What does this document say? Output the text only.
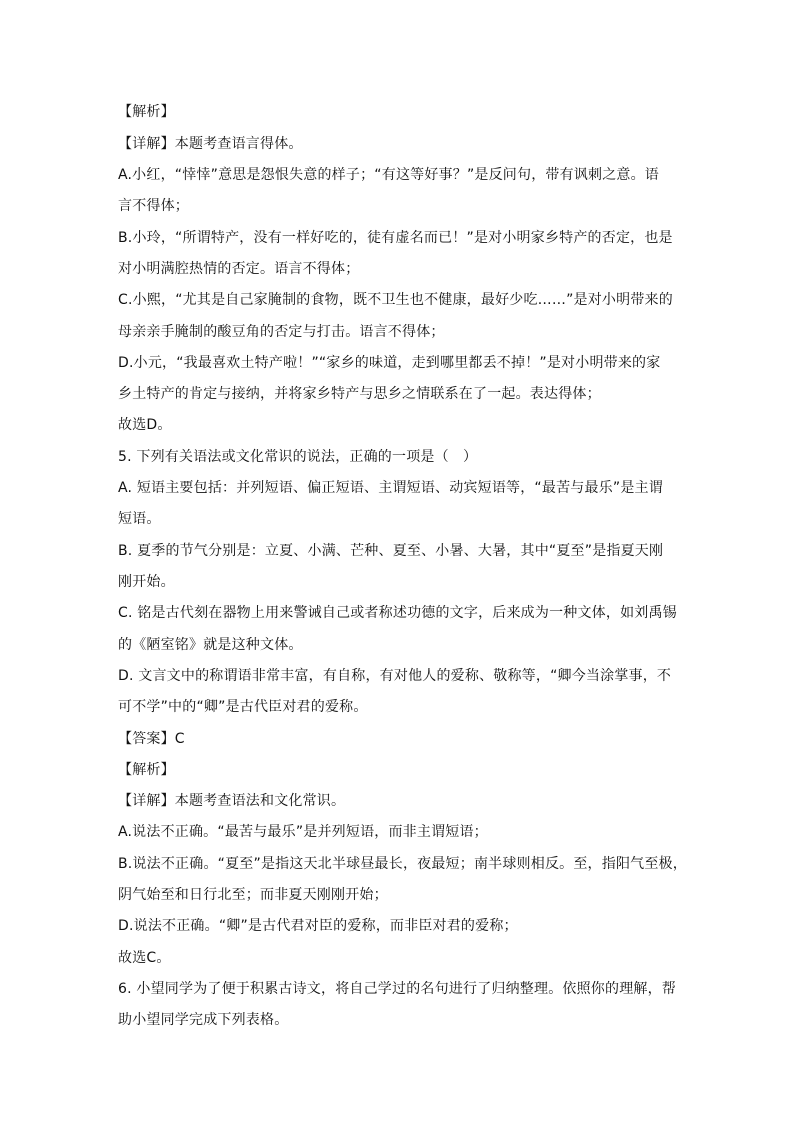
【解析】
【详解】本题考查语言得体。
A.小红，“悻悻”意思是怨恨失意的样子；“有这等好事？”是反问句，带有讽刺之意。语
言不得体；
B.小玲，“所谓特产，没有一样好吃的，徒有虚名而已！”是对小明家乡特产的否定，也是
对小明满腔热情的否定。语言不得体；
C.小熙，“尤其是自己家腌制的食物，既不卫生也不健康，最好少吃……”是对小明带来的
母亲亲手腌制的酸豆角的否定与打击。语言不得体；
D.小元，“我最喜欢土特产啦！”“家乡的味道，走到哪里都丢不掉！”是对小明带来的家
乡土特产的肯定与接纳，并将家乡特产与思乡之情联系在了一起。表达得体；
故选D。
5. 下列有关语法或文化常识的说法，正确的一项是（　）
A. 短语主要包括：并列短语、偏正短语、主谓短语、动宾短语等，“最苦与最乐”是主谓
短语。
B. 夏季的节气分别是：立夏、小满、芒种、夏至、小暑、大暑，其中“夏至”是指夏天刚
刚开始。
C. 铭是古代刻在器物上用来警诫自己或者称述功德的文字，后来成为一种文体，如刘禹锡
的《陋室铭》就是这种文体。
D. 文言文中的称谓语非常丰富，有自称，有对他人的爱称、敬称等，“卿今当涂掌事，不
可不学”中的“卿”是古代臣对君的爱称。
【答案】C
【解析】
【详解】本题考查语法和文化常识。
A.说法不正确。“最苦与最乐”是并列短语，而非主谓短语；
B.说法不正确。“夏至”是指这天北半球昼最长，夜最短；南半球则相反。至，指阳气至极，
阴气始至和日行北至；而非夏天刚刚开始；
D.说法不正确。“卿”是古代君对臣的爱称，而非臣对君的爱称；
故选C。
6. 小望同学为了便于积累古诗文，将自己学过的名句进行了归纳整理。依照你的理解，帮
助小望同学完成下列表格。
